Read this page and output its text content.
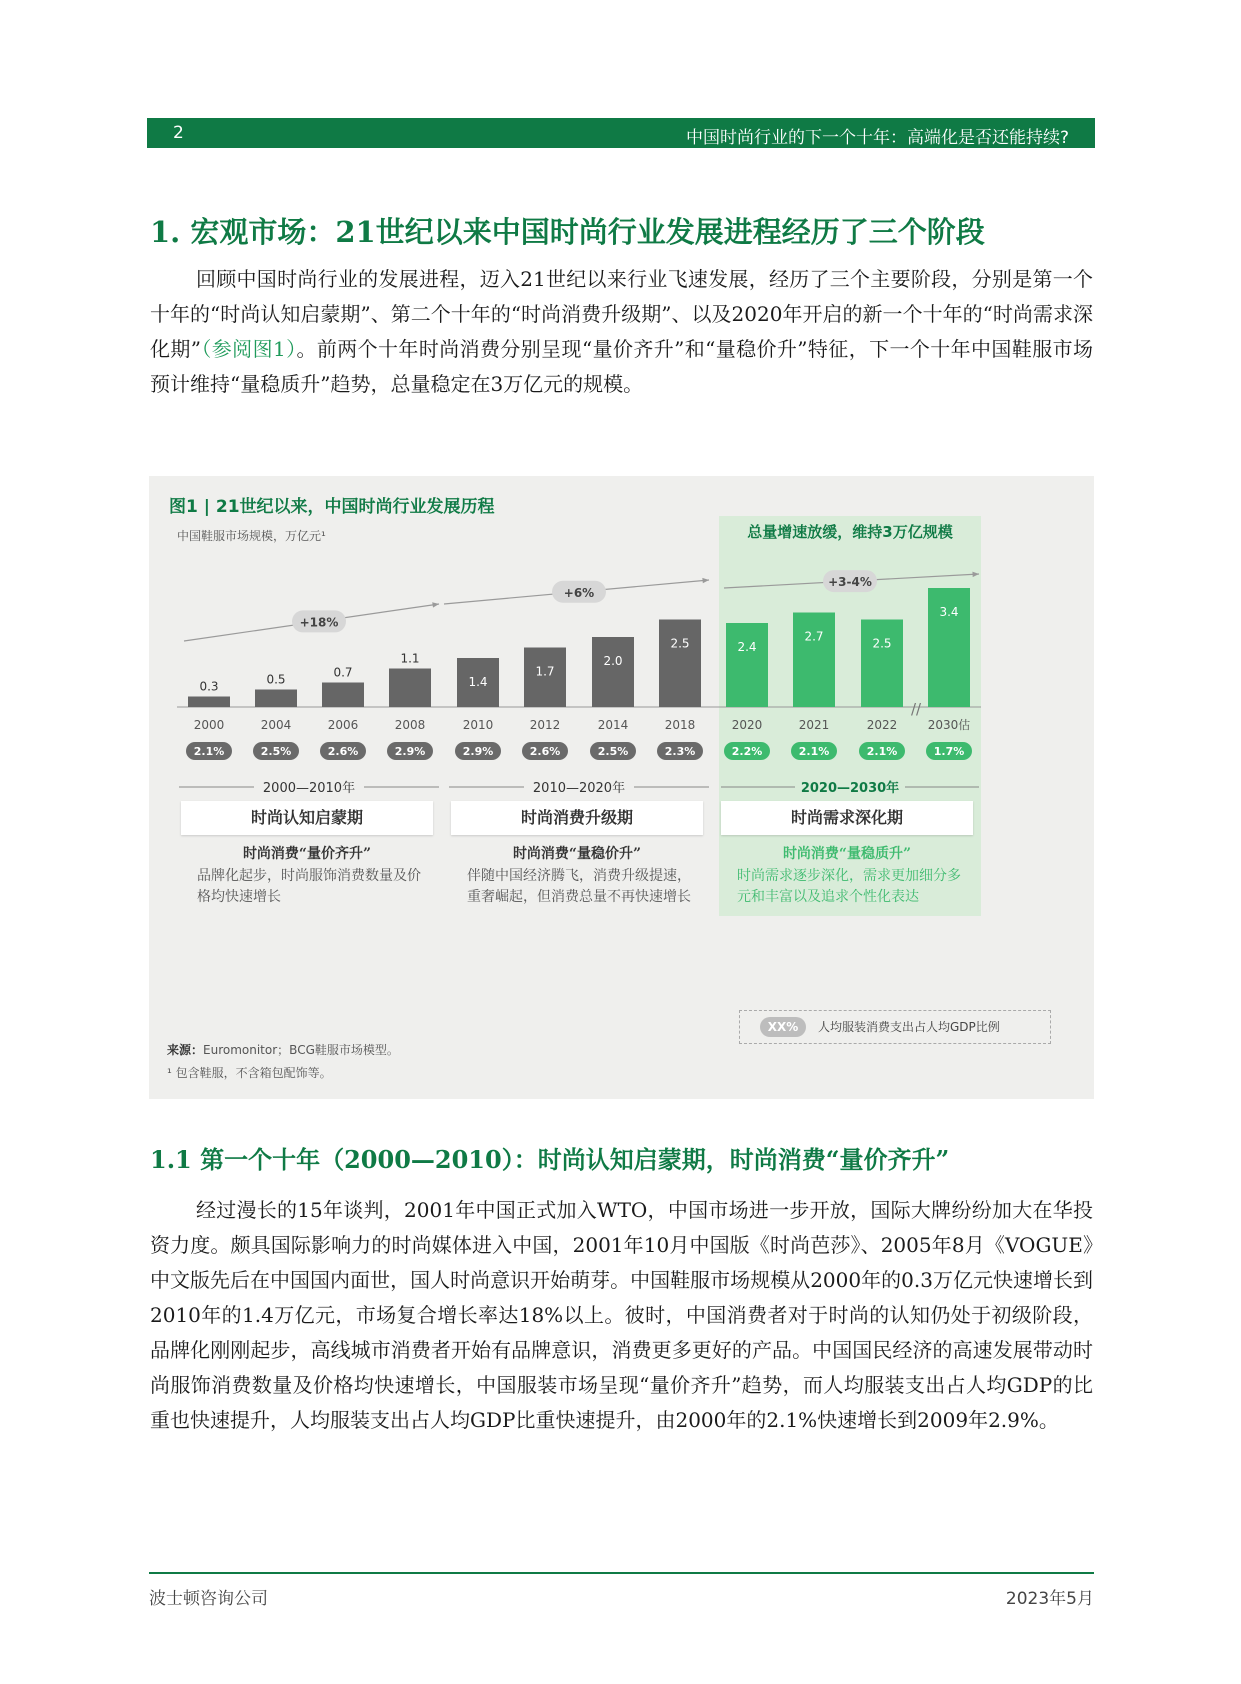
2	中国时尚行业的下一个十年：高端化是否还能持续?
1. 宏观市场：21世纪以来中国时尚行业发展进程经历了三个阶段

回顾中国时尚行业的发展进程，迈入21世纪以来行业飞速发展，经历了三个主要阶段，分别是第一个十年的“时尚认知启蒙期”、第二个十年的“时尚消费升级期”、以及2020年开启的新一个十年的“时尚需求深化期”（参阅图1）。前两个十年时尚消费分别呈现“量价齐升”和“量稳价升”特征，下一个十年中国鞋服市场预计维持“量稳质升”趋势，总量稳定在3万亿元的规模。

图1 | 21世纪以来，中国时尚行业发展历程
总量增速放缓，维持3万亿规模
中国鞋服市场规模，万亿元¹
//
0.3
2000
2.1%
0.5
2004
2.5%
0.7
2006
2.6%
1.1
2008
2.9%
1.4
2010
2.9%
1.7
2012
2.6%
2.0
2014
2.5%
2.5
2018
2.3%
2.4
2020
2.2%
2.7
2021
2.1%
2.5
2022
2.1%
3.4
2030估
1.7%
+18%
+6%
+3-4%
2000—2010年	2010—2020年	2020—2030年
时尚认知启蒙期
时尚消费“量价齐升”
品牌化起步，时尚服饰消费数量及价格均快速增长
时尚消费升级期
时尚消费“量稳价升”
伴随中国经济腾飞，消费升级提速，重奢崛起，但消费总量不再快速增长
时尚需求深化期
时尚消费“量稳质升”
时尚需求逐步深化，需求更加细分多元和丰富以及追求个性化表达
XX%	人均服装消费支出占人均GDP比例
来源：Euromonitor；BCG鞋服市场模型。
¹ 包含鞋服，不含箱包配饰等。
1.1 第一个十年（2000—2010）：时尚认知启蒙期，时尚消费“量价齐升”

经过漫长的15年谈判，2001年中国正式加入WTO，中国市场进一步开放，国际大牌纷纷加大在华投资力度。颇具国际影响力的时尚媒体进入中国，2001年10月中国版《时尚芭莎》、2005年8月《VOGUE》中文版先后在中国国内面世，国人时尚意识开始萌芽。中国鞋服市场规模从2000年的0.3万亿元快速增长到2010年的1.4万亿元，市场复合增长率达18%以上。彼时，中国消费者对于时尚的认知仍处于初级阶段，品牌化刚刚起步，高线城市消费者开始有品牌意识，消费更多更好的产品。中国国民经济的高速发展带动时尚服饰消费数量及价格均快速增长，中国服装市场呈现“量价齐升”趋势，而人均服装支出占人均GDP的比重也快速提升，人均服装支出占人均GDP比重快速提升，由2000年的2.1%快速增长到2009年2.9%。

波士顿咨询公司	2023年5月
